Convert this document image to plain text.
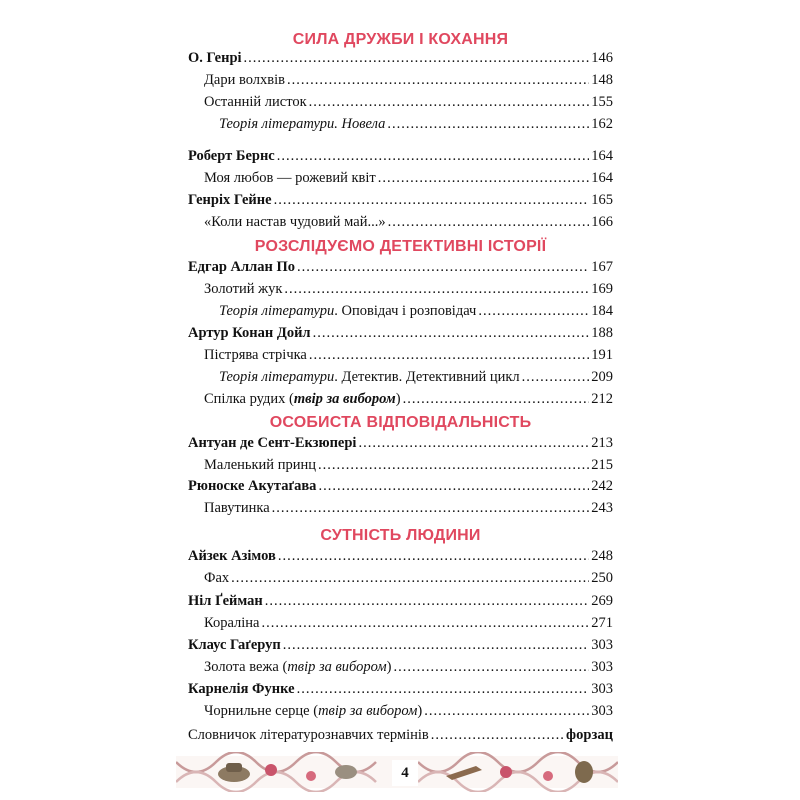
СИЛА ДРУЖБИ І КОХАННЯ
О. Генрі .....	146
Дари волхвів .....	148
Останній листок .....	155
Теорія літератури. Новела .....	162
Роберт Бернс .....	164
Моя любов — рожевий квіт .....	164
Генріх Гейне .....	165
«Коли настав чудовий май...» .....	166
РОЗСЛІДУЄМО ДЕТЕКТИВНІ ІСТОРІЇ
Едгар Аллан По .....	167
Золотий жук .....	169
Теорія літератури. Оповідач і розповідач .....	184
Артур Конан Дойл .....	188
Пістрява стрічка .....	191
Теорія літератури. Детектив. Детективний цикл .....	209
Спілка рудих (твір за вибором) .....	212
ОСОБИСТА ВІДПОВІДАЛЬНІСТЬ
Антуан де Сент-Екзюпері .....	213
Маленький принц .....	215
Рюноске Акутаґава .....	242
Павутинка .....	243
СУТНІСТЬ ЛЮДИНИ
Айзек Азімов .....	248
Фах .....	250
Ніл Ґейман .....	269
Кораліна .....	271
Клаус Гаґеруп .....	303
Золота вежа (твір за вибором) .....	303
Карнелія Функе .....	303
Чорнильне серце (твір за вибором) .....	303
Словничок літературознавчих термінів .....	форзац
4
